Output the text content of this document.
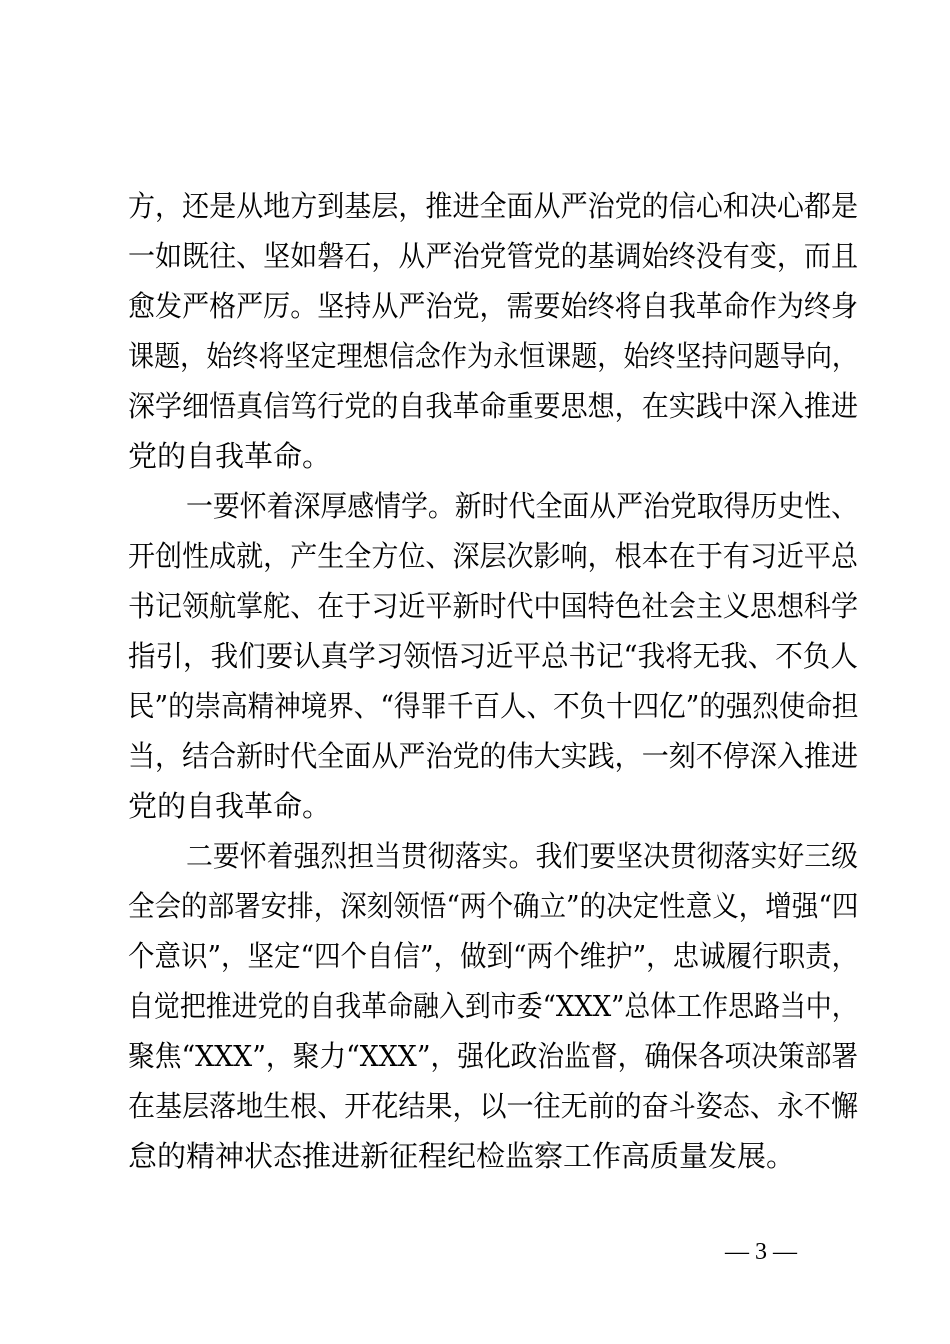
方，还是从地方到基层，推进全面从严治党的信心和决心都是
一如既往、坚如磐石，从严治党管党的基调始终没有变，而且
愈发严格严厉。坚持从严治党，需要始终将自我革命作为终身
课题，始终将坚定理想信念作为永恒课题，始终坚持问题导向，
深学细悟真信笃行党的自我革命重要思想，在实践中深入推进
党的自我革命。
一要怀着深厚感情学。新时代全面从严治党取得历史性、
开创性成就，产生全方位、深层次影响，根本在于有习近平总
书记领航掌舵、在于习近平新时代中国特色社会主义思想科学
指引，我们要认真学习领悟习近平总书记“我将无我、不负人
民”的崇高精神境界、“得罪千百人、不负十四亿”的强烈使命担
当，结合新时代全面从严治党的伟大实践，一刻不停深入推进
党的自我革命。
二要怀着强烈担当贯彻落实。我们要坚决贯彻落实好三级
全会的部署安排，深刻领悟“两个确立”的决定性意义，增强“四
个意识”，坚定“四个自信”，做到“两个维护”，忠诚履行职责，
自觉把推进党的自我革命融入到市委“XXX”总体工作思路当中，
聚焦“XXX”，聚力“XXX”，强化政治监督，确保各项决策部署
在基层落地生根、开花结果，以一往无前的奋斗姿态、永不懈
怠的精神状态推进新征程纪检监察工作高质量发展。
— 3 —
